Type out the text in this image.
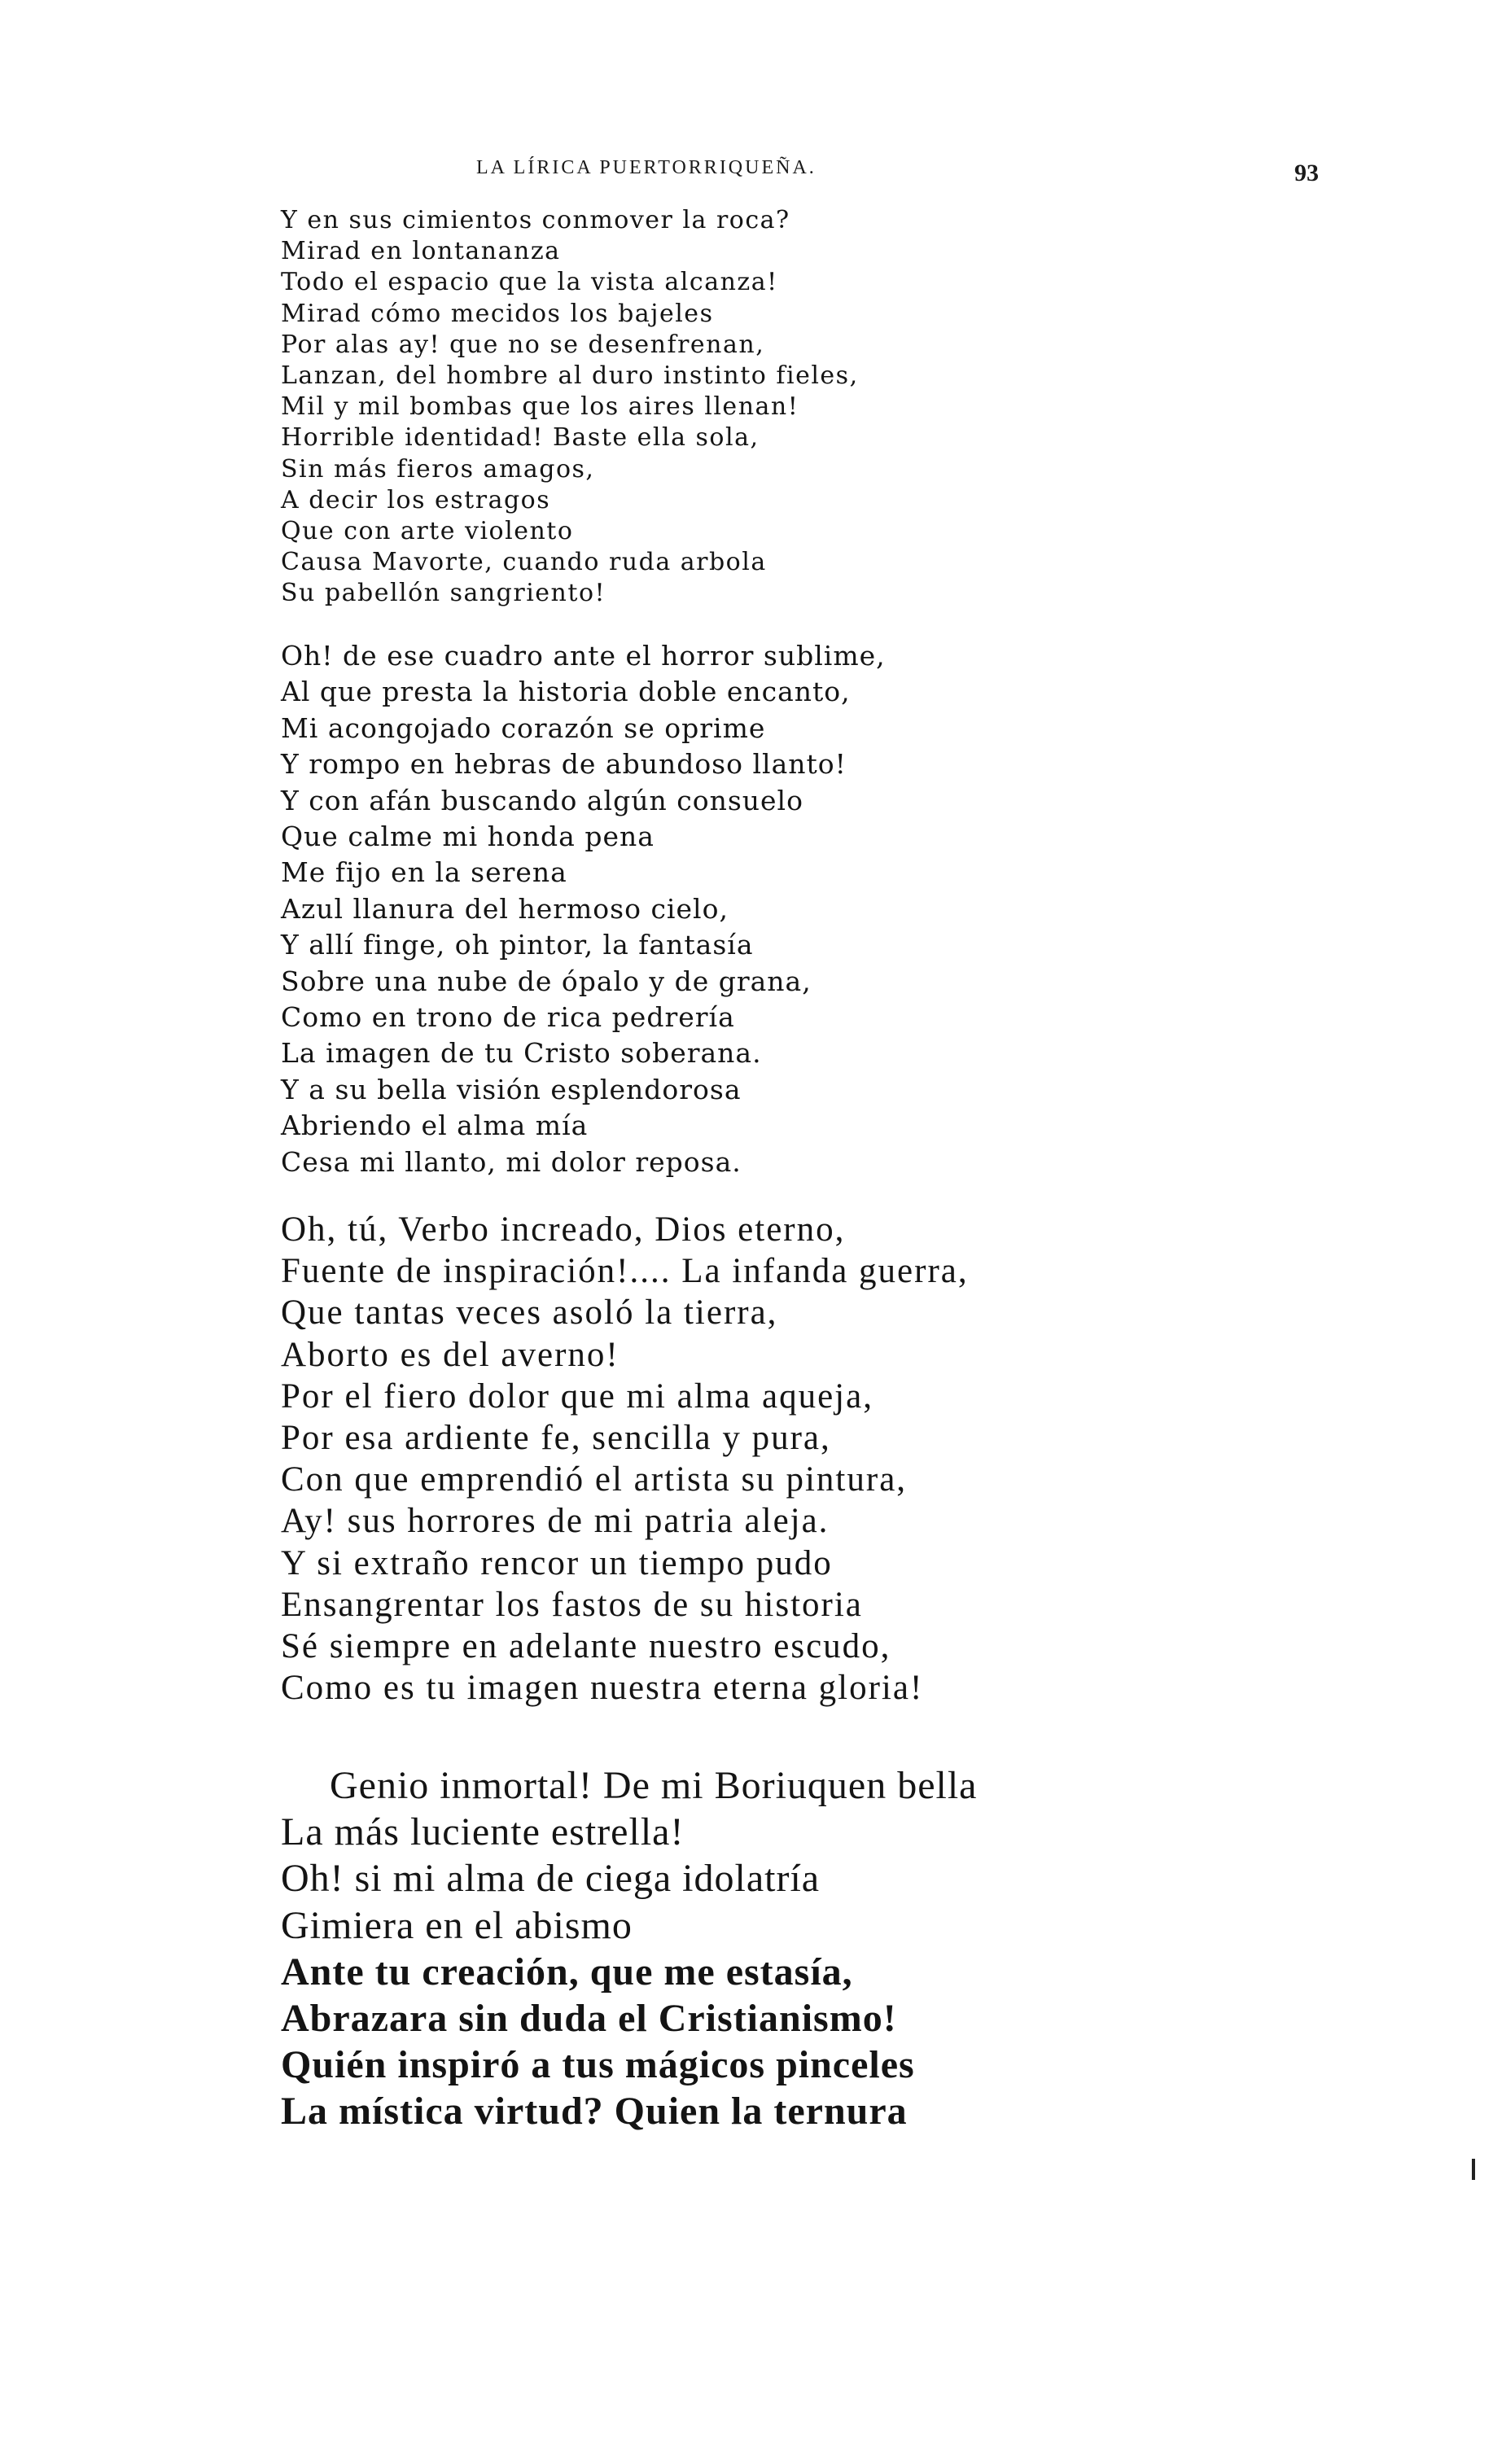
LA LÍRICA PUERTORRIQUEÑA.	93
Y en sus cimientos conmover la roca?
Mirad en lontananza
Todo el espacio que la vista alcanza!
Mirad cómo mecidos los bajeles
Por alas ay! que no se desenfrenan,
Lanzan, del hombre al duro instinto fieles,
Mil y mil bombas que los aires llenan!
Horrible identidad! Baste ella sola,
Sin más fieros amagos,
A decir los estragos
Que con arte violento
Causa Mavorte, cuando ruda arbola
Su pabellón sangriento!
Oh! de ese cuadro ante el horror sublime,
Al que presta la historia doble encanto,
Mi acongojado corazón se oprime
Y rompo en hebras de abundoso llanto!
Y con afán buscando algún consuelo
Que calme mi honda pena
Me fijo en la serena
Azul llanura del hermoso cielo,
Y allí finge, oh pintor, la fantasía
Sobre una nube de ópalo y de grana,
Como en trono de rica pedrería
La imagen de tu Cristo soberana.
Y a su bella visión esplendorosa
Abriendo el alma mía
Cesa mi llanto, mi dolor reposa.
Oh, tú, Verbo increado, Dios eterno,
Fuente de inspiración!.... La infanda guerra,
Que tantas veces asoló la tierra,
Aborto es del averno!
Por el fiero dolor que mi alma aqueja,
Por esa ardiente fe, sencilla y pura,
Con que emprendió el artista su pintura,
Ay! sus horrores de mi patria aleja.
Y si extraño rencor un tiempo pudo
Ensangrentar los fastos de su historia
Sé siempre en adelante nuestro escudo,
Como es tu imagen nuestra eterna gloria!
Genio inmortal! De mi Boriuquen bella
La más luciente estrella!
Oh! si mi alma de ciega idolatría
Gimiera en el abismo
Ante tu creación, que me estasía,
Abrazara sin duda el Cristianismo!
Quién inspiró a tus mágicos pinceles
La mística virtud? Quien la ternura
